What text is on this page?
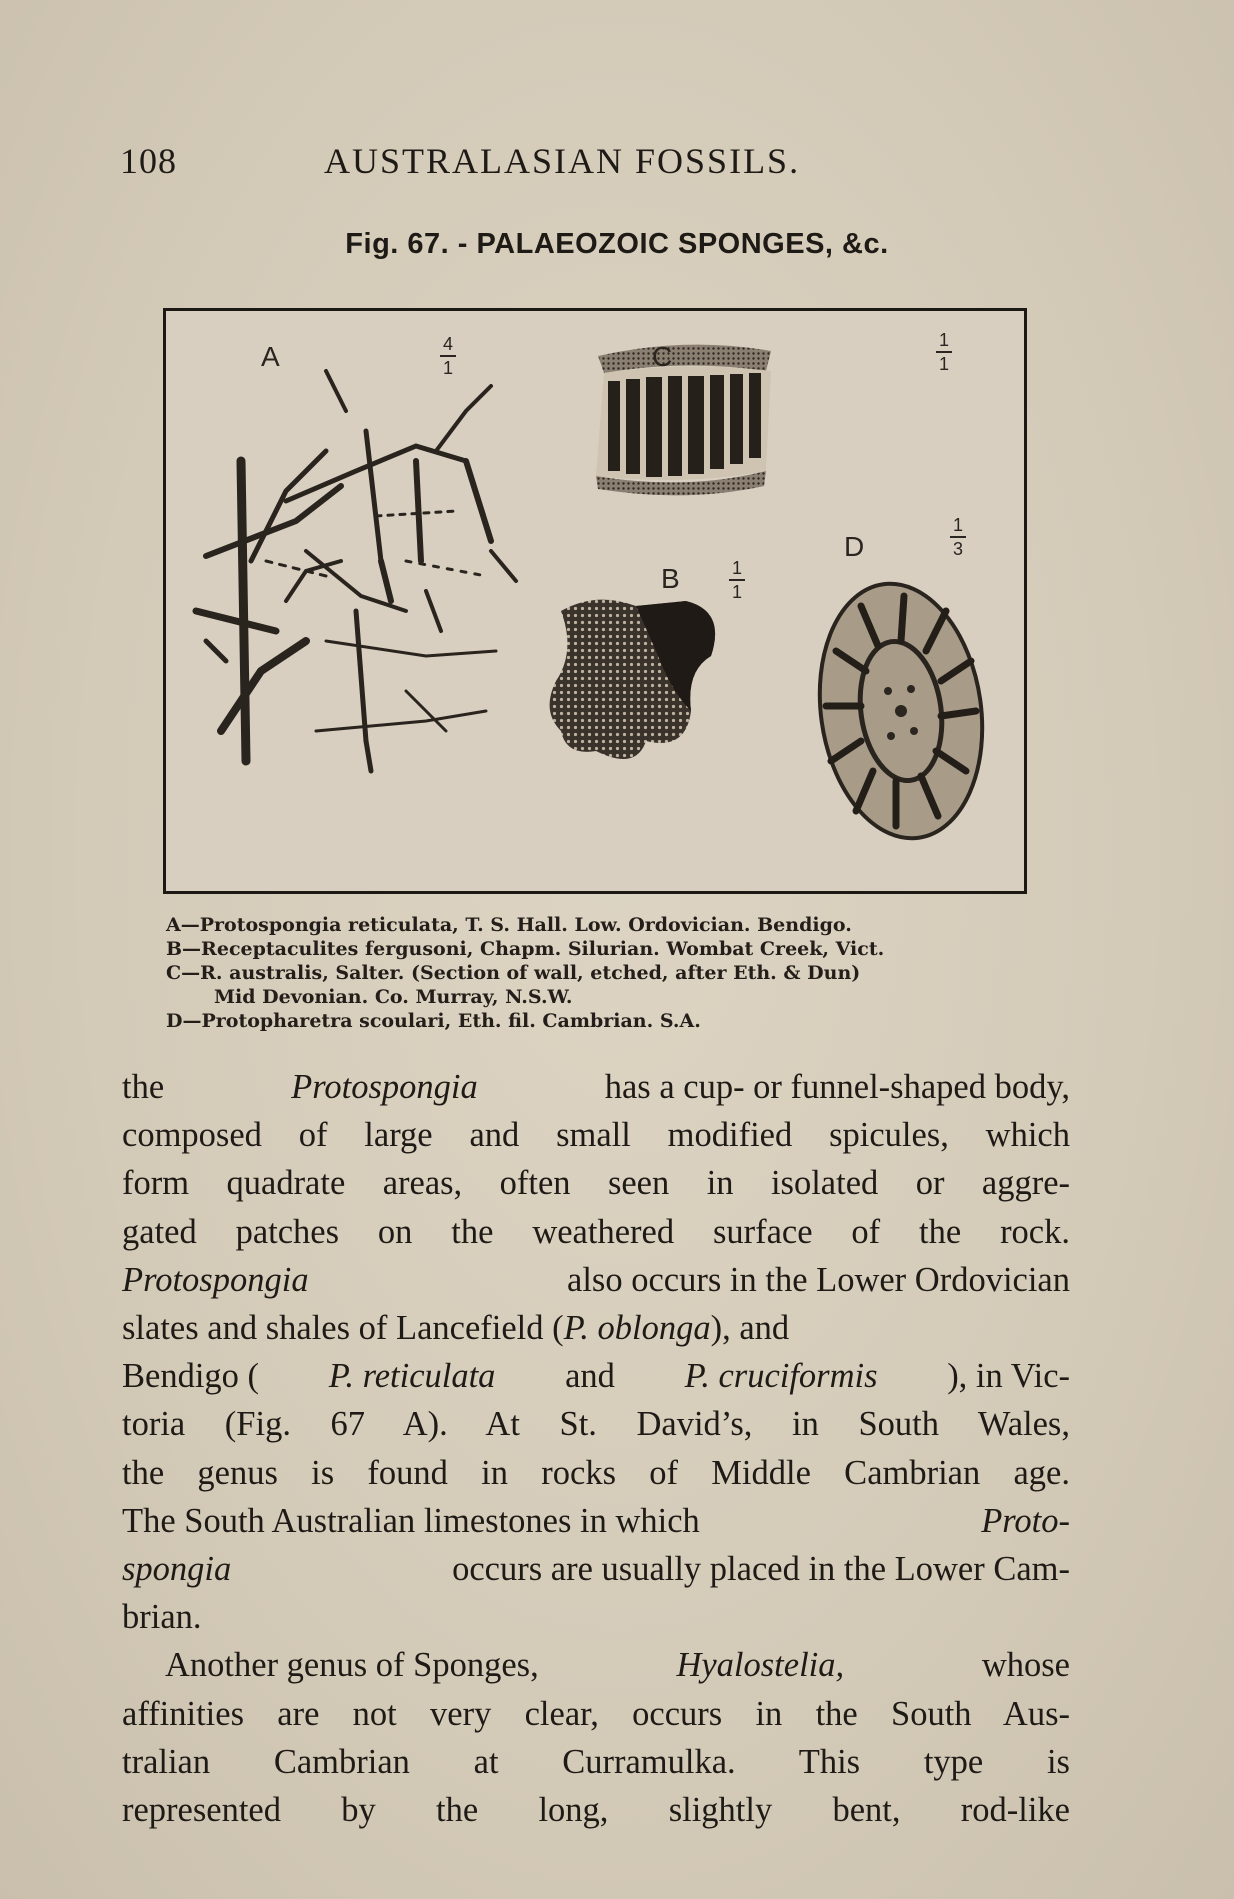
108	AUSTRALASIAN FOSSILS.
Fig. 67. - PALAEOZOIC SPONGES, &c.
A	C
B
D
4
1
1
1
1
1
1
3
A—Protospongia reticulata, T. S. Hall. Low. Ordovician. Bendigo.
B—Receptaculites fergusoni, Chapm. Silurian. Wombat Creek, Vict.
C—R. australis, Salter. (Section of wall, etched, after Eth. & Dun)
Mid Devonian. Co. Murray, N.S.W.
D—Protopharetra scoulari, Eth. fil. Cambrian. S.A.
the	Protospongia	has a cup- or funnel-shaped body,
composed of large and small modified spicules, which
form quadrate areas, often seen in isolated or aggre-
gated patches on the weathered surface of the rock.
Protospongia	also occurs in the Lower Ordovician
slates and shales of Lancefield (P. oblonga), and
Bendigo ( P. reticulata and P. cruciformis ), in Vic-
toria (Fig. 67 A). At St. David’s, in South Wales,
the genus is found in rocks of Middle Cambrian age.
The South Australian limestones in which	Proto-
spongia	occurs are usually placed in the Lower Cam-
brian.
Another genus of Sponges,	Hyalostelia,	whose
affinities are not very clear, occurs in the South Aus-
tralian Cambrian at Curramulka. This type is
represented by the long, slightly bent, rod-like
